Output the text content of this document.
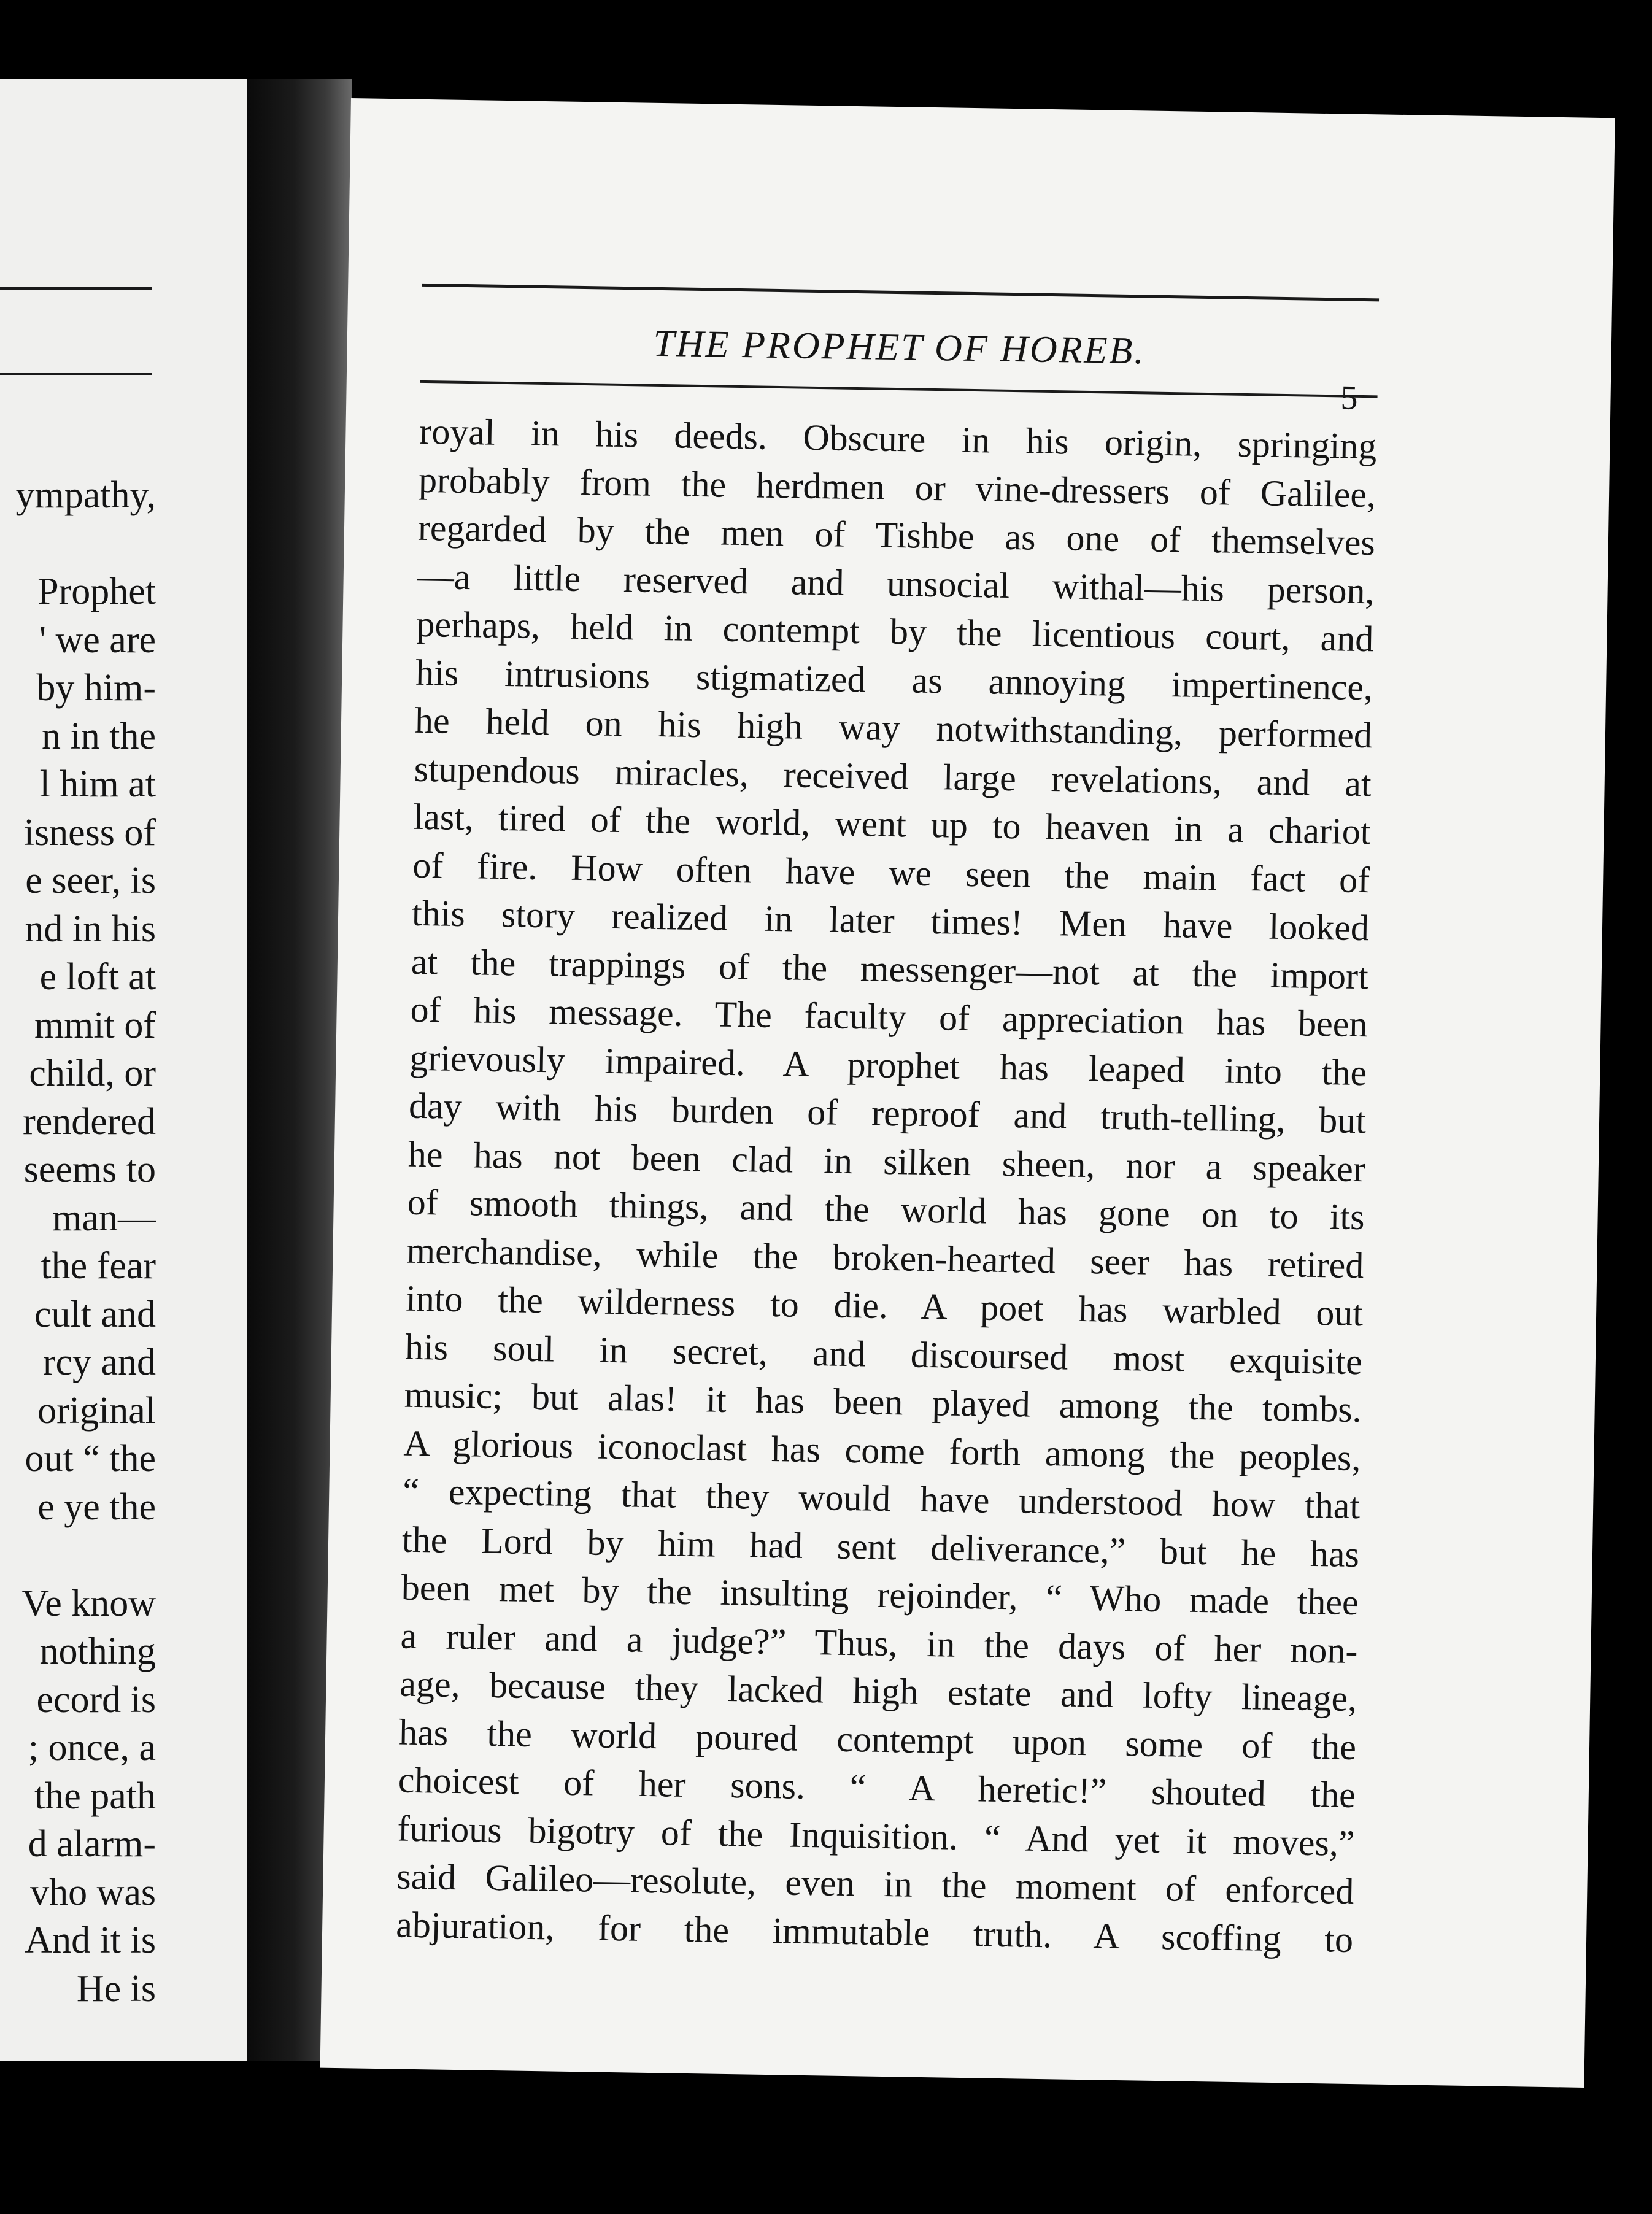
ympathy,
Prophet
' we are
by him-
n in the
l him at
isness of
e seer, is
nd in his
e loft at
mmit of
child, or
rendered
seems to
man—
the fear
cult and
rcy and
original
out “ the
e ye the
Ve know
nothing
ecord is
; once, a
the path
d alarm-
vho was
And it is
He is
THE PROPHET OF HOREB.
5
royal in his deeds. Obscure in his origin, springing
probably from the herdmen or vine-dressers of Galilee,
regarded by the men of Tishbe as one of themselves
—a little reserved and unsocial withal—his person,
perhaps, held in contempt by the licentious court, and
his intrusions stigmatized as annoying impertinence,
he held on his high way notwithstanding, performed
stupendous miracles, received large revelations, and at
last, tired of the world, went up to heaven in a chariot
of fire. How often have we seen the main fact of
this story realized in later times! Men have looked
at the trappings of the messenger—not at the import
of his message. The faculty of appreciation has been
grievously impaired. A prophet has leaped into the
day with his burden of reproof and truth-telling, but
he has not been clad in silken sheen, nor a speaker
of smooth things, and the world has gone on to its
merchandise, while the broken-hearted seer has retired
into the wilderness to die. A poet has warbled out
his soul in secret, and discoursed most exquisite
music; but alas! it has been played among the tombs.
A glorious iconoclast has come forth among the peoples,
“ expecting that they would have understood how that
the Lord by him had sent deliverance,” but he has
been met by the insulting rejoinder, “ Who made thee
a ruler and a judge?” Thus, in the days of her non-
age, because they lacked high estate and lofty lineage,
has the world poured contempt upon some of the
choicest of her sons. “ A heretic!” shouted the
furious bigotry of the Inquisition. “ And yet it moves,”
said Galileo—resolute, even in the moment of enforced
abjuration, for the immutable truth. A scoffing to
